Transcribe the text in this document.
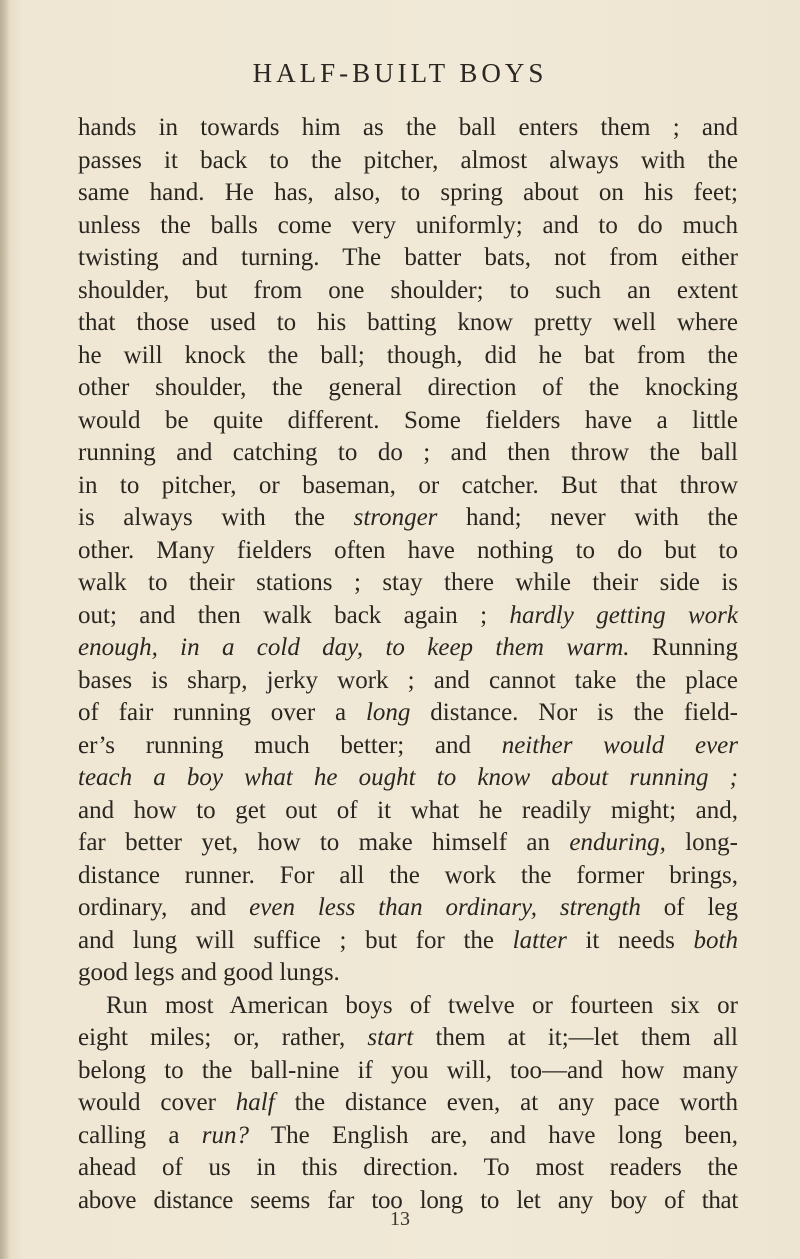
HALF-BUILT BOYS
hands in towards him as the ball enters them ; and
passes it back to the pitcher, almost always with the
same hand. He has, also, to spring about on his feet;
unless the balls come very uniformly; and to do much
twisting and turning. The batter bats, not from either
shoulder, but from one shoulder; to such an extent
that those used to his batting know pretty well where
he will knock the ball; though, did he bat from the
other shoulder, the general direction of the knocking
would be quite different. Some fielders have a little
running and catching to do ; and then throw the ball
in to pitcher, or baseman, or catcher. But that throw
is always with the stronger hand; never with the
other. Many fielders often have nothing to do but to
walk to their stations ; stay there while their side is
out; and then walk back again ; hardly getting work
enough, in a cold day, to keep them warm. Running
bases is sharp, jerky work ; and cannot take the place
of fair running over a long distance. Nor is the field-
er’s running much better; and neither would ever
teach a boy what he ought to know about running ;
and how to get out of it what he readily might; and,
far better yet, how to make himself an enduring, long-
distance runner. For all the work the former brings,
ordinary, and even less than ordinary, strength of leg
and lung will suffice ; but for the latter it needs both
good legs and good lungs.
Run most American boys of twelve or fourteen six or
eight miles; or, rather, start them at it;—let them all
belong to the ball-nine if you will, too—and how many
would cover half the distance even, at any pace worth
calling a run? The English are, and have long been,
ahead of us in this direction. To most readers the
above distance seems far too long to let any boy of that
13
